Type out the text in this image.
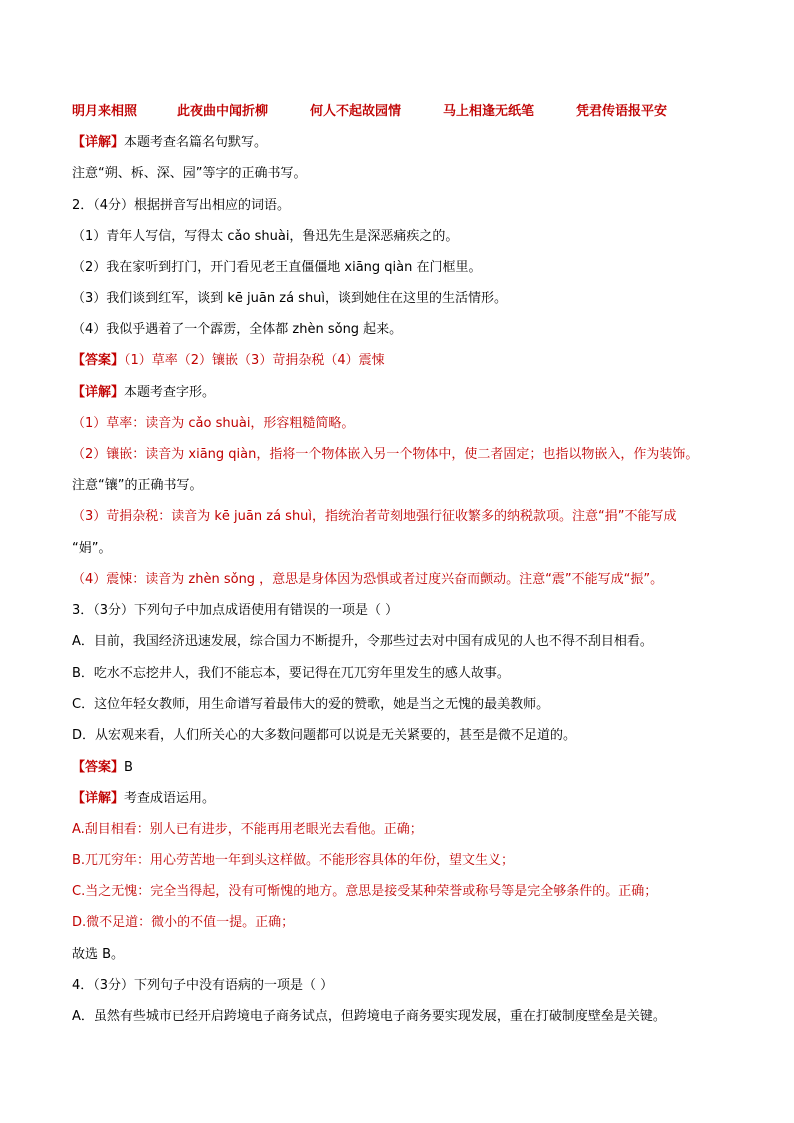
明月来相照	此夜曲中闻折柳	何人不起故园情	马上相逢无纸笔	凭君传语报平安
【详解】本题考查名篇名句默写。
注意“朔、柝、深、园”等字的正确书写。
2．（4分）根据拼音写出相应的词语。
（1）青年人写信，写得太 cǎo shuài，鲁迅先生是深恶痛疾之的。
（2）我在家听到打门，开门看见老王直僵僵地 xiāng qiàn 在门框里。
（3）我们谈到红军，谈到 kē juān zá shuì，谈到她住在这里的生活情形。
（4）我似乎遇着了一个霹雳，全体都 zhèn sǒng 起来。
【答案】（1）草率（2）镶嵌（3）苛捐杂税（4）震悚
【详解】本题考查字形。
（1）草率：读音为 cǎo shuài，形容粗糙简略。
（2）镶嵌：读音为 xiāng qiàn，指将一个物体嵌入另一个物体中，使二者固定；也指以物嵌入，作为装饰。
注意“镶”的正确书写。
（3）苛捐杂税：读音为 kē juān zá shuì，指统治者苛刻地强行征收繁多的纳税款项。注意“捐”不能写成
“娟”。
（4）震悚：读音为 zhèn sǒng ，意思是身体因为恐惧或者过度兴奋而颤动。注意“震”不能写成“振”。
3．（3分）下列句子中加点成语使用有错误的一项是（ ）
A．目前，我国经济迅速发展，综合国力不断提升，令那些过去对中国有成见的人也不得不刮目相看。
B．吃水不忘挖井人，我们不能忘本，要记得在兀兀穷年里发生的感人故事。
C．这位年轻女教师，用生命谱写着最伟大的爱的赞歌，她是当之无愧的最美教师。
D．从宏观来看，人们所关心的大多数问题都可以说是无关紧要的，甚至是微不足道的。
【答案】B
【详解】考查成语运用。
A.刮目相看：别人已有进步，不能再用老眼光去看他。正确；
B.兀兀穷年：用心劳苦地一年到头这样做。不能形容具体的年份，望文生义；
C.当之无愧：完全当得起，没有可惭愧的地方。意思是接受某种荣誉或称号等是完全够条件的。正确；
D.微不足道：微小的不值一提。正确；
故选 B。
4．（3分）下列句子中没有语病的一项是（ ）
A．虽然有些城市已经开启跨境电子商务试点，但跨境电子商务要实现发展，重在打破制度壁垒是关键。
